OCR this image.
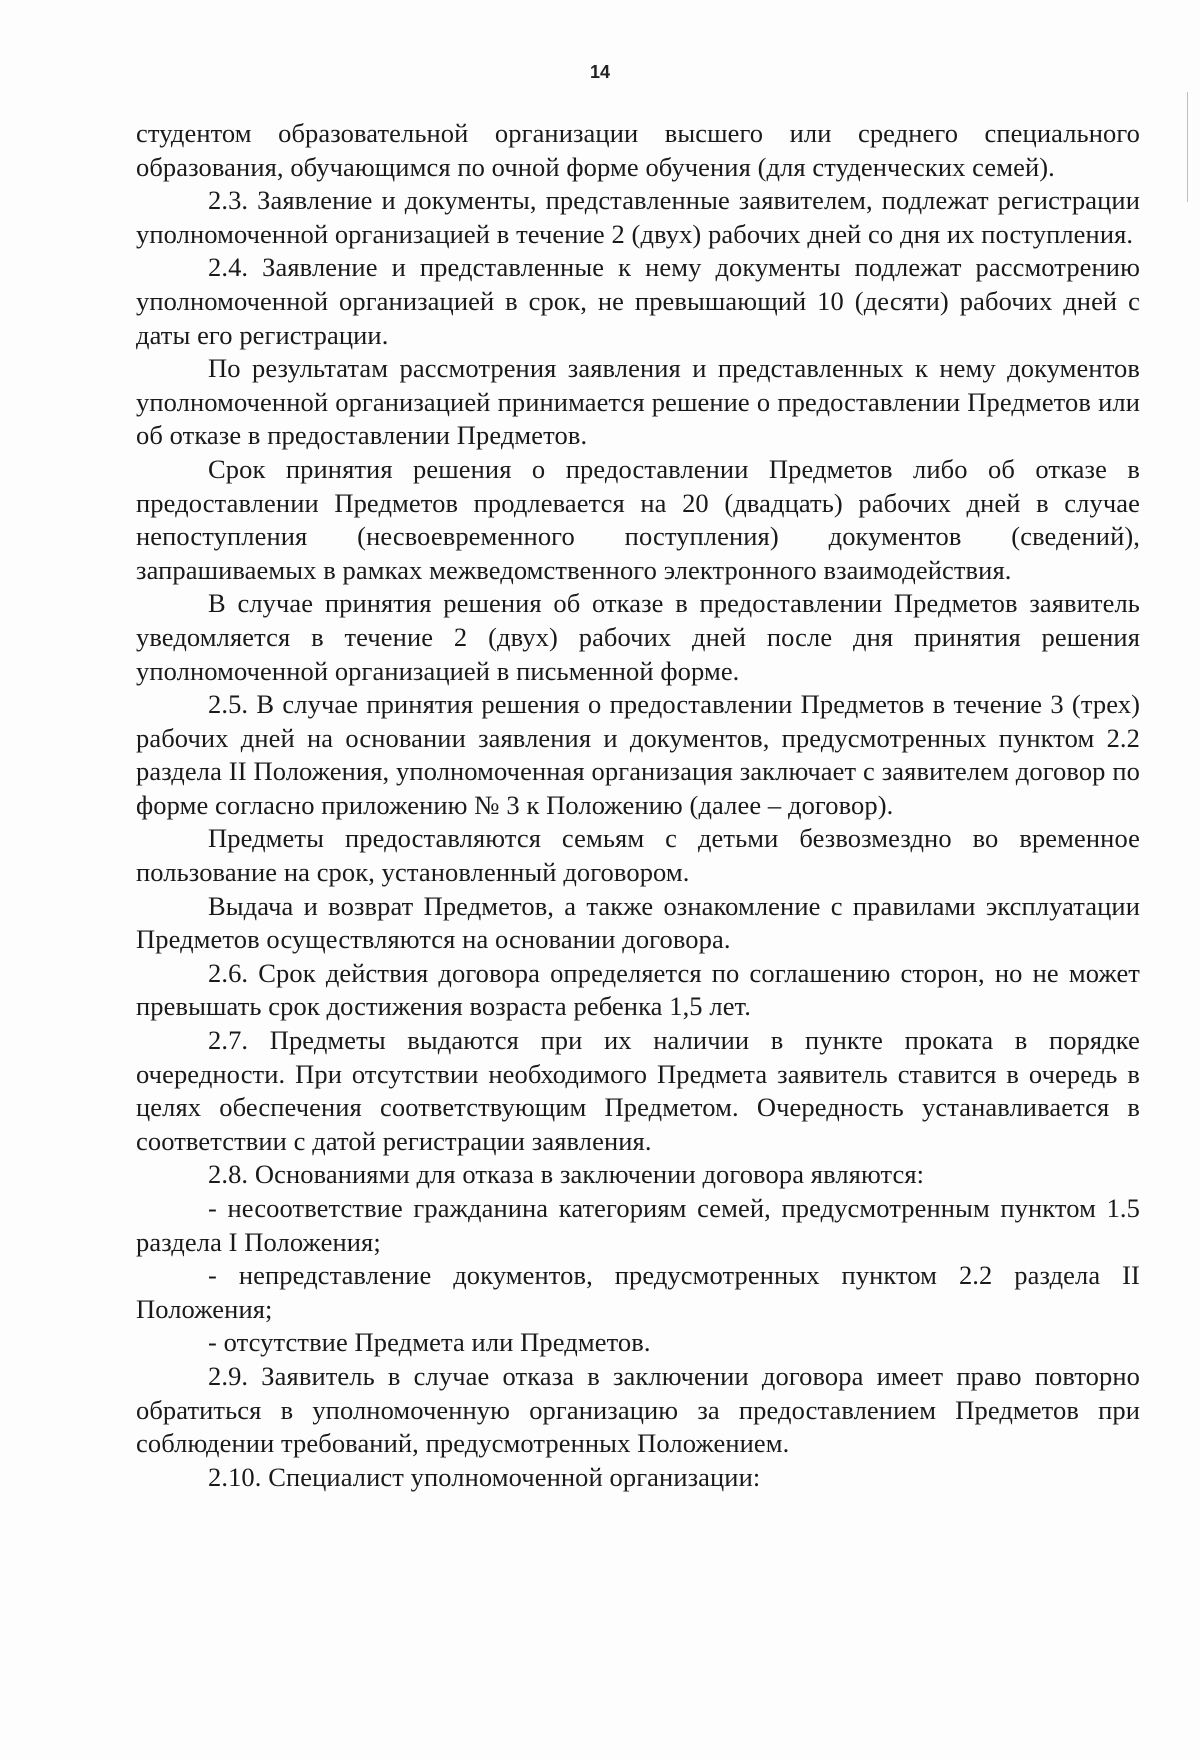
14

студентом образовательной организации высшего или среднего специального образования, обучающимся по очной форме обучения (для студенческих семей).

2.3. Заявление и документы, представленные заявителем, подлежат регистрации уполномоченной организацией в течение 2 (двух) рабочих дней со дня их поступления.

2.4. Заявление и представленные к нему документы подлежат рассмотрению уполномоченной организацией в срок, не превышающий 10 (десяти) рабочих дней с даты его регистрации.

По результатам рассмотрения заявления и представленных к нему документов уполномоченной организацией принимается решение о предоставлении Предметов или об отказе в предоставлении Предметов.

Срок принятия решения о предоставлении Предметов либо об отказе в предоставлении Предметов продлевается на 20 (двадцать) рабочих дней в случае непоступления (несвоевременного поступления) документов (сведений), запрашиваемых в рамках межведомственного электронного взаимодействия.

В случае принятия решения об отказе в предоставлении Предметов заявитель уведомляется в течение 2 (двух) рабочих дней после дня принятия решения уполномоченной организацией в письменной форме.

2.5. В случае принятия решения о предоставлении Предметов в течение 3 (трех) рабочих дней на основании заявления и документов, предусмотренных пунктом 2.2 раздела II Положения, уполномоченная организация заключает с заявителем договор по форме согласно приложению № 3 к Положению (далее – договор).

Предметы предоставляются семьям с детьми безвозмездно во временное пользование на срок, установленный договором.

Выдача и возврат Предметов, а также ознакомление с правилами эксплуатации Предметов осуществляются на основании договора.

2.6. Срок действия договора определяется по соглашению сторон, но не может превышать срок достижения возраста ребенка 1,5 лет.

2.7. Предметы выдаются при их наличии в пункте проката в порядке очередности. При отсутствии необходимого Предмета заявитель ставится в очередь в целях обеспечения соответствующим Предметом. Очередность устанавливается в соответствии с датой регистрации заявления.

2.8. Основаниями для отказа в заключении договора являются:

- несоответствие гражданина категориям семей, предусмотренным пунктом 1.5 раздела I Положения;

- непредставление документов, предусмотренных пунктом 2.2 раздела II Положения;

- отсутствие Предмета или Предметов.

2.9. Заявитель в случае отказа в заключении договора имеет право повторно обратиться в уполномоченную организацию за предоставлением Предметов при соблюдении требований, предусмотренных Положением.

2.10. Специалист уполномоченной организации:
